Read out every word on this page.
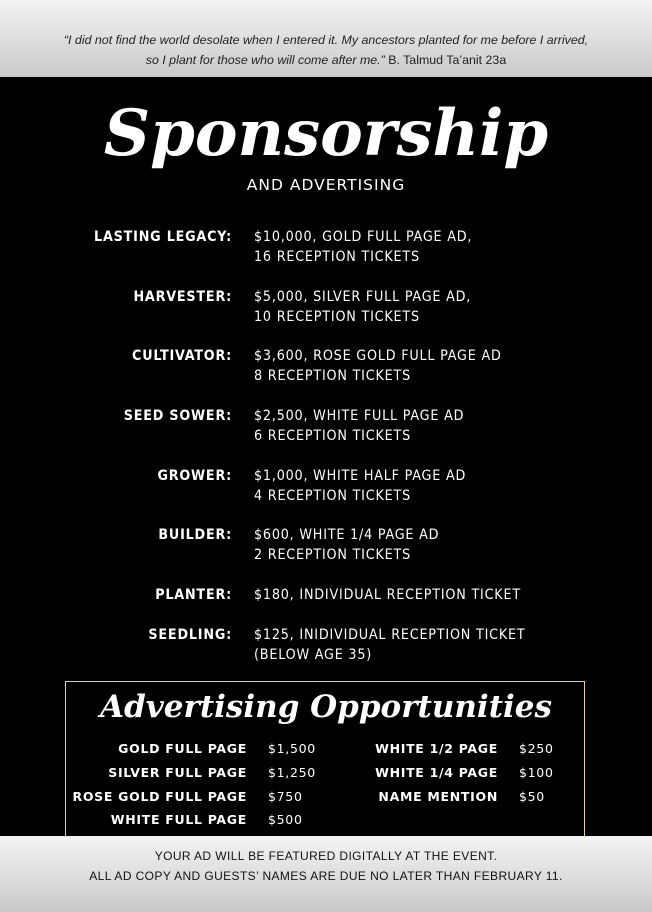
“I did not find the world desolate when I entered it. My ancestors planted for me before I arrived,
so I plant for those who will come after me.” B. Talmud Ta’anit 23a
Sponsorship
AND ADVERTISING
LASTING LEGACY: $10,000, GOLD FULL PAGE AD,
16 RECEPTION TICKETS
HARVESTER: $5,000, SILVER FULL PAGE AD,
10 RECEPTION TICKETS
CULTIVATOR: $3,600, ROSE GOLD FULL PAGE AD
8 RECEPTION TICKETS
SEED SOWER: $2,500, WHITE FULL PAGE AD
6 RECEPTION TICKETS
GROWER: $1,000, WHITE HALF PAGE AD
4 RECEPTION TICKETS
BUILDER: $600, WHITE 1/4 PAGE AD
2 RECEPTION TICKETS
PLANTER: $180, INDIVIDUAL RECEPTION TICKET
SEEDLING: $125, INIDIVIDUAL RECEPTION TICKET
(BELOW AGE 35)
Advertising Opportunities
GOLD FULL PAGE $1,500
SILVER FULL PAGE $1,250
ROSE GOLD FULL PAGE $750
WHITE FULL PAGE $500
WHITE 1/2 PAGE $250
WHITE 1/4 PAGE $100
NAME MENTION $50
YOUR AD WILL BE FEATURED DIGITALLY AT THE EVENT.
ALL AD COPY AND GUESTS’ NAMES ARE DUE NO LATER THAN FEBRUARY 11.
